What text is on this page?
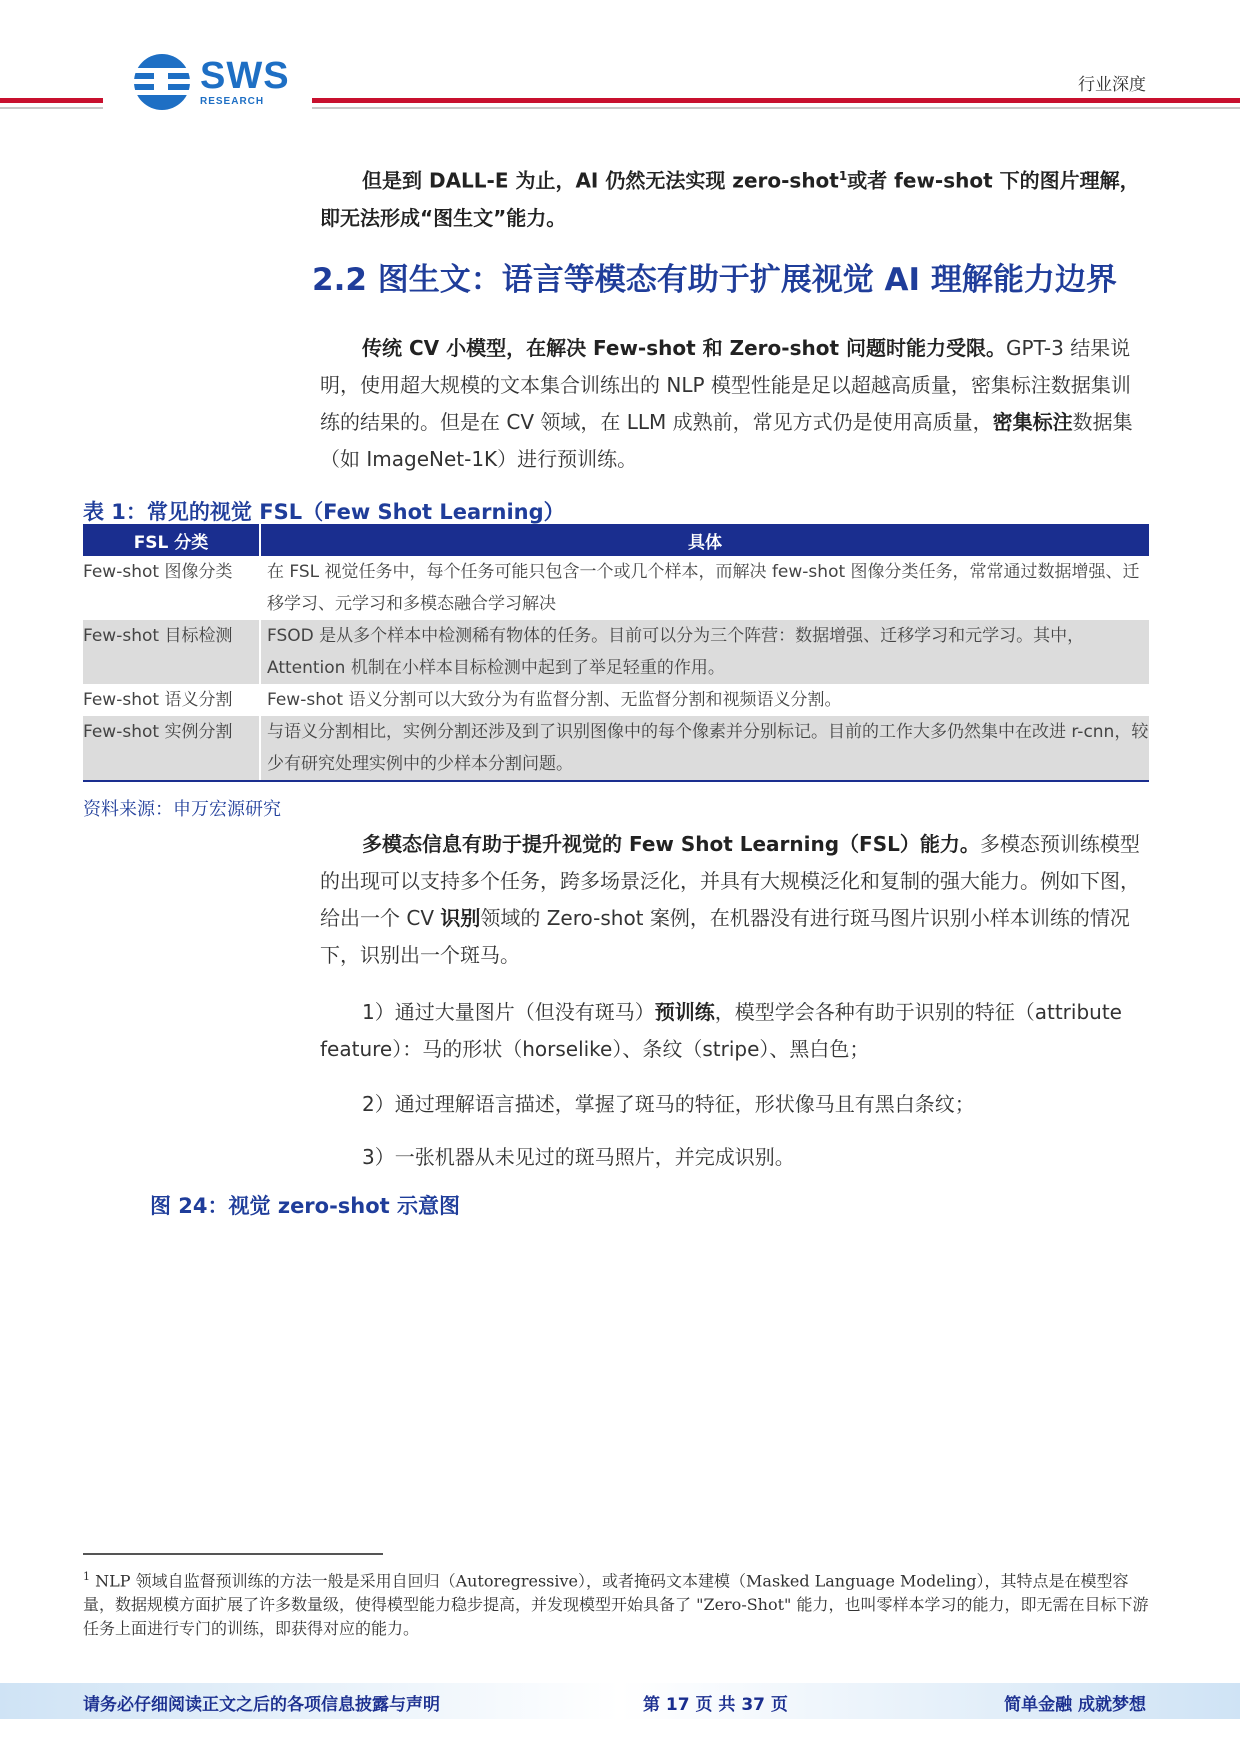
SWS
RESEARCH
行业深度
但是到 DALL-E 为止，AI 仍然无法实现 zero-shot$^1$或者 few-shot 下的图片理解，
即无法形成“图生文”能力。
2.2 图生文：语言等模态有助于扩展视觉 AI 理解能力边界
传统 CV 小模型，在解决 Few-shot 和 Zero-shot 问题时能力受限。GPT-3 结果说明，使用超大规模的文本集合训练出的 NLP 模型性能是足以超越高质量，密集标注数据集训练的结果的。但是在 CV 领域，在 LLM 成熟前，常见方式仍是使用高质量，密集标注数据集（如 ImageNet-1K）进行预训练。
表 1：常见的视觉 FSL（Few Shot Learning）
FSL 分类	具体
Few-shot 图像分类	在 FSL 视觉任务中，每个任务可能只包含一个或几个样本，而解决 few-shot 图像分类任务，常常通过数据增强、迁移学习、元学习和多模态融合学习解决
Few-shot 目标检测	FSOD 是从多个样本中检测稀有物体的任务。目前可以分为三个阵营：数据增强、迁移学习和元学习。其中，Attention 机制在小样本目标检测中起到了举足轻重的作用。
Few-shot 语义分割	Few-shot 语义分割可以大致分为有监督分割、无监督分割和视频语义分割。
Few-shot 实例分割	与语义分割相比，实例分割还涉及到了识别图像中的每个像素并分别标记。目前的工作大多仍然集中在改进 r-cnn，较少有研究处理实例中的少样本分割问题。
资料来源：申万宏源研究
多模态信息有助于提升视觉的 Few Shot Learning（FSL）能力。多模态预训练模型的出现可以支持多个任务，跨多场景泛化，并具有大规模泛化和复制的强大能力。例如下图，给出一个 CV 识别领域的 Zero-shot 案例，在机器没有进行斑马图片识别小样本训练的情况下，识别出一个斑马。
1）通过大量图片（但没有斑马）预训练，模型学会各种有助于识别的特征（attribute feature）：马的形状（horselike）、条纹（stripe）、黑白色；
2）通过理解语言描述，掌握了斑马的特征，形状像马且有黑白条纹；
3）一张机器从未见过的斑马照片，并完成识别。
图 24：视觉 zero-shot 示意图
$^1$ NLP 领域自监督预训练的方法一般是采用自回归（Autoregressive），或者掩码文本建模（Masked Language Modeling），其特点是在模型容量，数据规模方面扩展了许多数量级，使得模型能力稳步提高，并发现模型开始具备了 "Zero-Shot" 能力，也叫零样本学习的能力，即无需在目标下游任务上面进行专门的训练，即获得对应的能力。
请务必仔细阅读正文之后的各项信息披露与声明	第 17 页 共 37 页	简单金融 成就梦想
